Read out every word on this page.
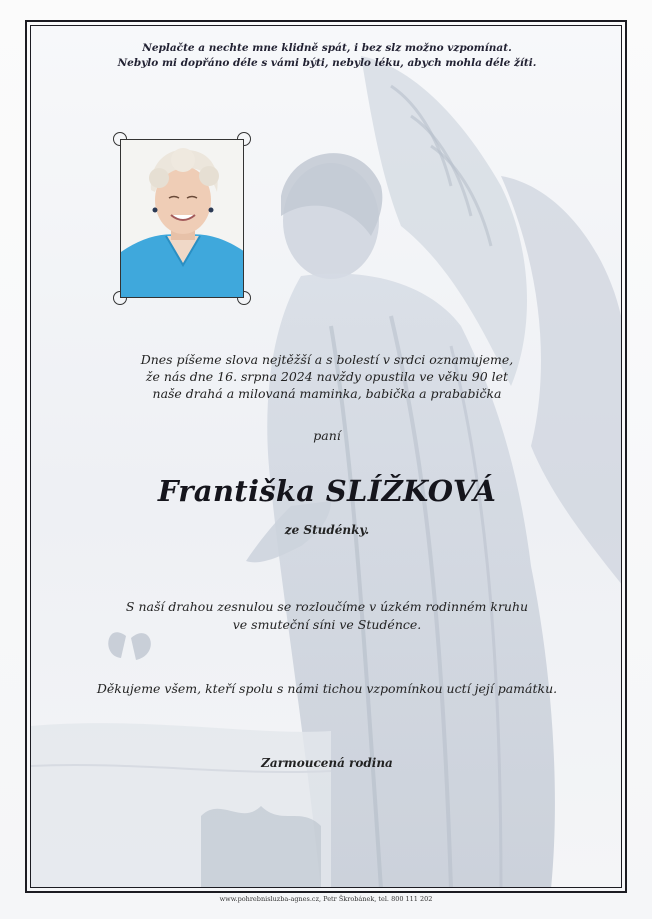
Neplačte a nechte mne klidně spát, i bez slz možno vzpomínat.
Nebylo mi dopřáno déle s vámi býti, nebylo léku, abych mohla déle žíti.
Dnes píšeme slova nejtěžší a s bolestí v srdci oznamujeme,
že nás dne 16. srpna 2024 navždy opustila ve věku 90 let
naše drahá a milovaná maminka, babička a prababička
paní
Františka SLÍŽKOVÁ
ze Studénky.
S naší drahou zesnulou se rozloučíme v úzkém rodinném kruhu
ve smuteční síni ve Studénce.
Děkujeme všem, kteří spolu s námi tichou vzpomínkou uctí její památku.
Zarmoucená rodina
www.pohrebnisluzba-agnes.cz, Petr Škrobánek, tel. 800 111 202
